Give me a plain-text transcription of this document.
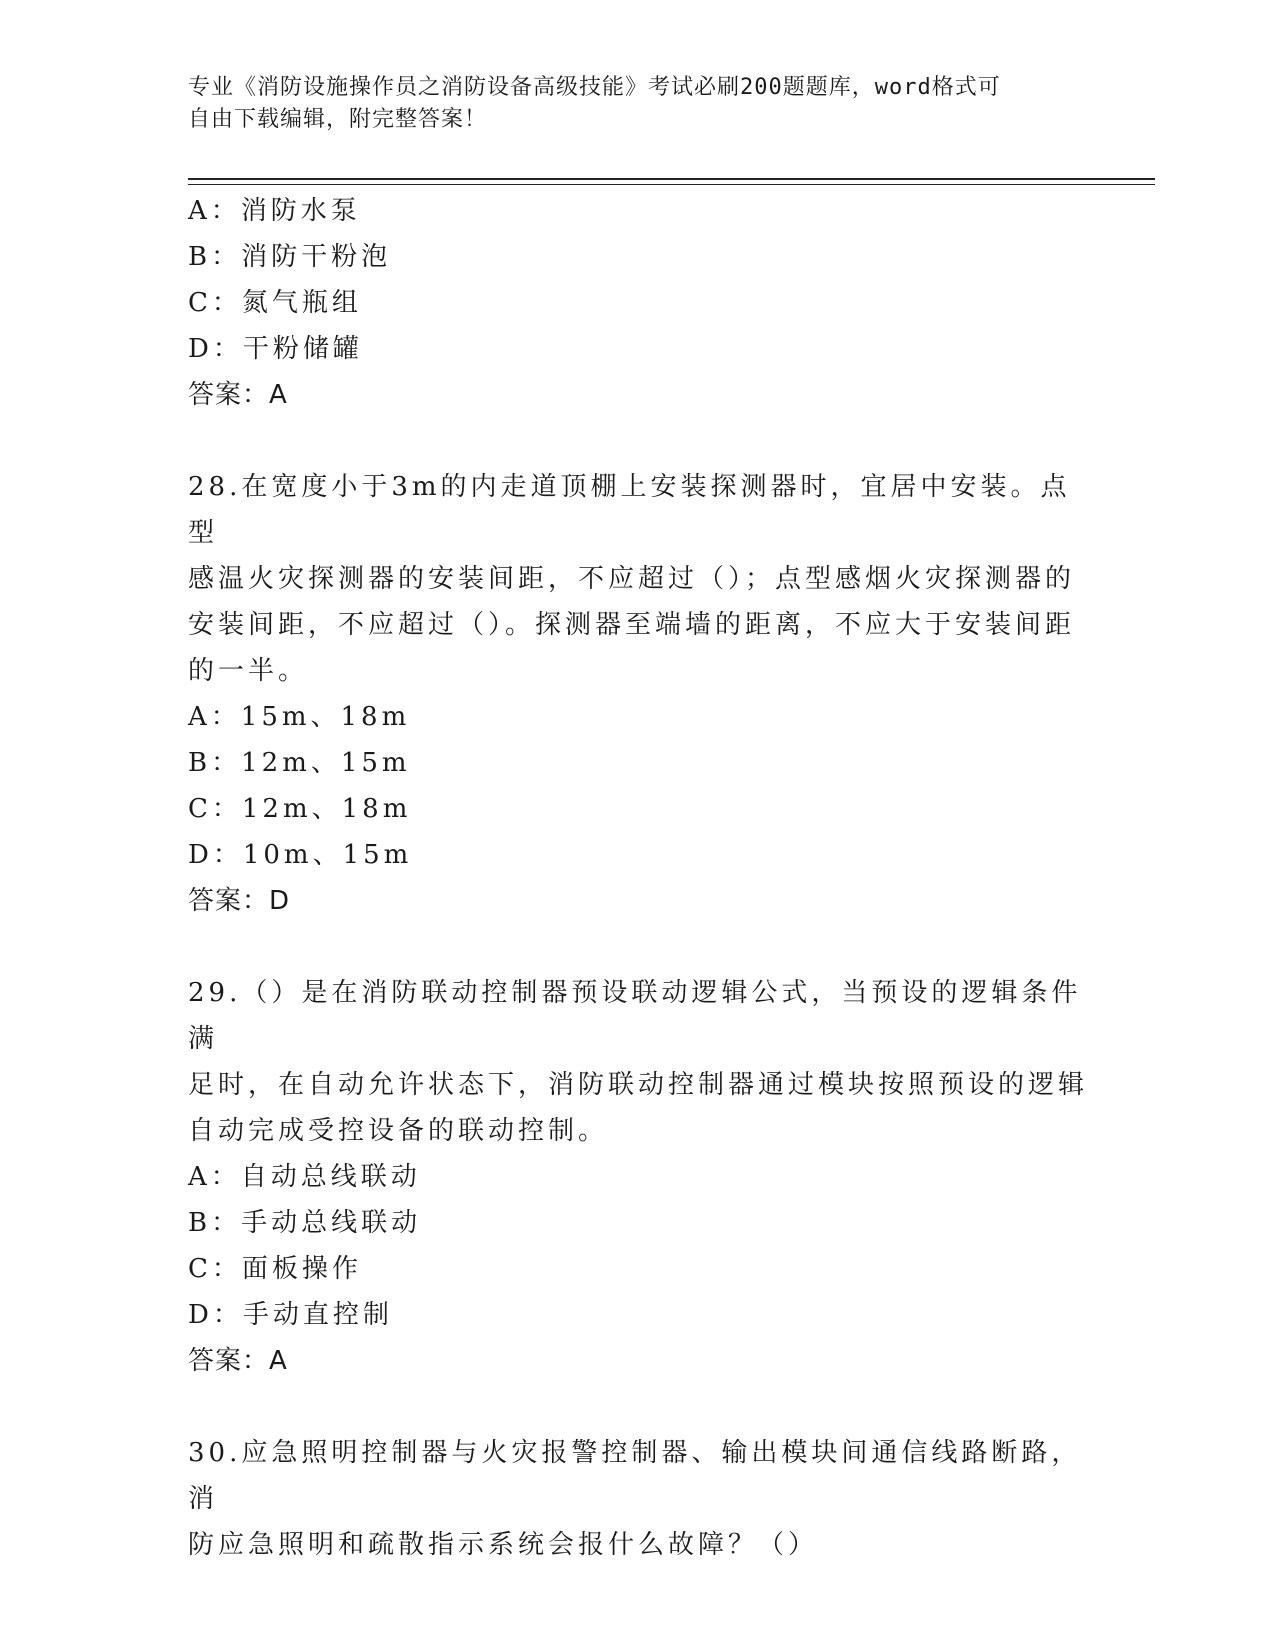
专业《消防设施操作员之消防设备高级技能》考试必刷200题题库，word格式可
自由下载编辑，附完整答案！
A：消防水泵
B：消防干粉泡
C：氮气瓶组
D：干粉储罐
答案：A
28.在宽度小于3m的内走道顶棚上安装探测器时，宜居中安装。点型
感温火灾探测器的安装间距，不应超过（）；点型感烟火灾探测器的
安装间距，不应超过（）。探测器至端墙的距离，不应大于安装间距
的一半。
A：15m、18m
B：12m、15m
C：12m、18m
D：10m、15m
答案：D
29.（）是在消防联动控制器预设联动逻辑公式，当预设的逻辑条件满
足时，在自动允许状态下，消防联动控制器通过模块按照预设的逻辑
自动完成受控设备的联动控制。
A：自动总线联动
B：手动总线联动
C：面板操作
D：手动直控制
答案：A
30.应急照明控制器与火灾报警控制器、输出模块间通信线路断路，消
防应急照明和疏散指示系统会报什么故障？（）
